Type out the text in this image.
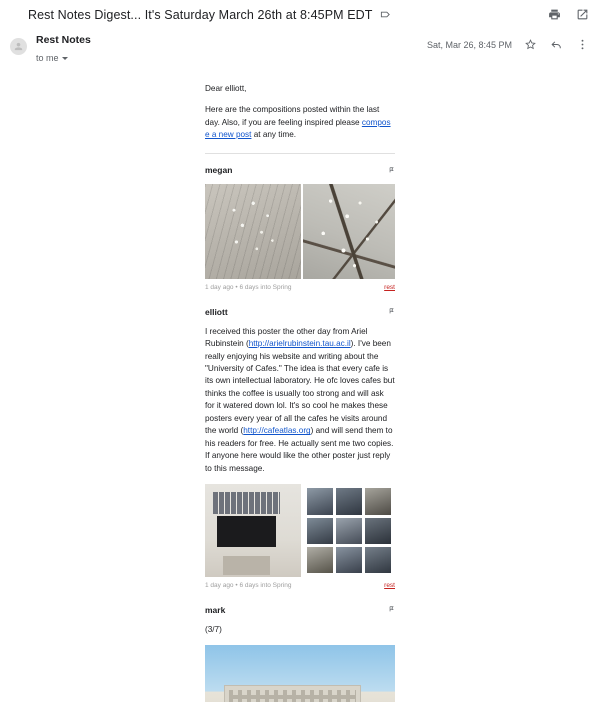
Rest Notes Digest... It's Saturday March 26th at 8:45PM EDT
Rest Notes
to me
Sat, Mar 26, 8:45 PM

Dear elliott,

Here are the compositions posted within the last day. Also, if you are feeling inspired please compose a new post at any time.

megan
1 day ago • 6 days into Spring	rest
elliott

I received this poster the other day from Ariel Rubinstein (http://arielrubinstein.tau.ac.il). I've been really enjoying his website and writing about the "University of Cafes." The idea is that every cafe is its own intellectual laboratory. He ofc loves cafes but thinks the coffee is usually too strong and will ask for it watered down lol. It's so cool he makes these posters every year of all the cafes he visits around the world (http://cafeatlas.org) and will send them to his readers for free. He actually sent me two copies. If anyone here would like the other poster just reply to this message.

1 day ago • 6 days into Spring	rest
mark

(3/7)
